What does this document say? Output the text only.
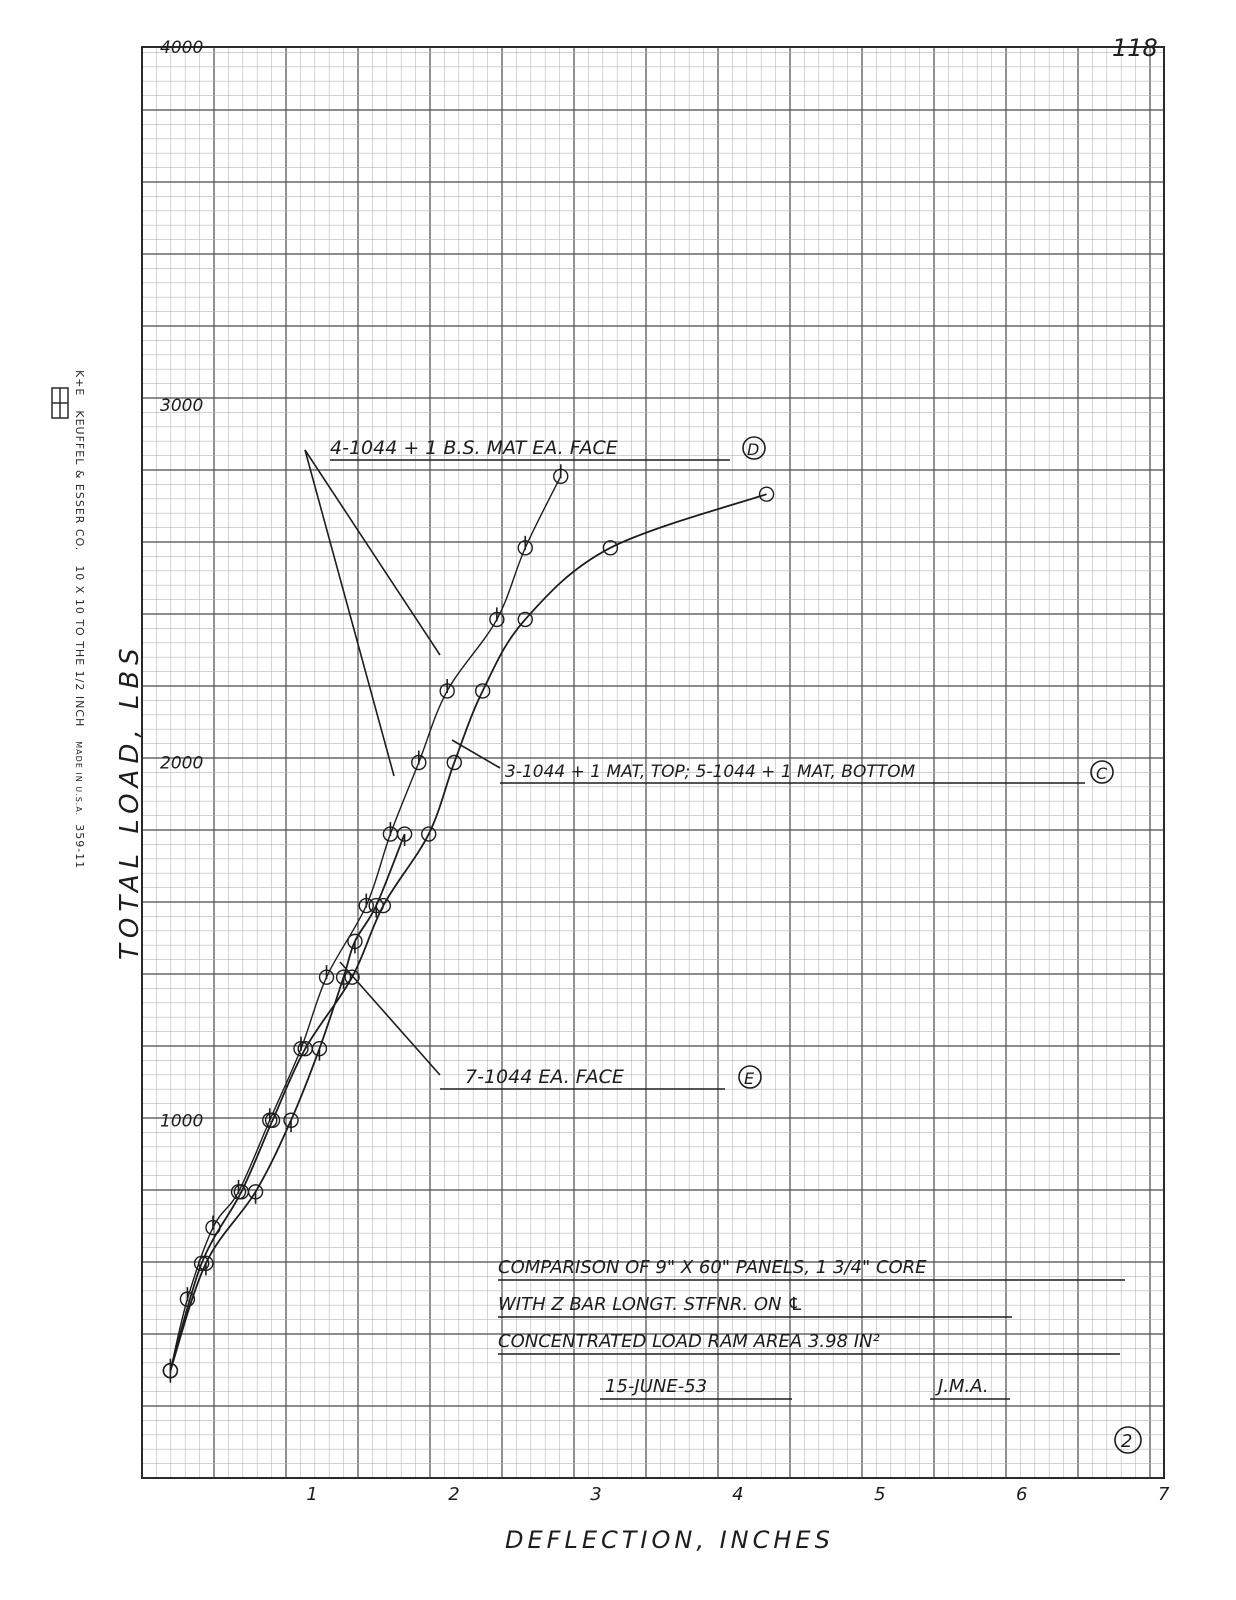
118
TOTAL LOAD, LBS
DEFLECTION, INCHES
1	2	3	4	5	6	7
1000
2000
3000
4000
4-1044 + 1 B.S. MAT EA. FACE	D
3-1044 + 1 MAT, TOP; 5-1044 + 1 MAT, BOTTOM	C
7-1044 EA. FACE	E
COMPARISON OF 9" X 60" PANELS, 1 3/4" CORE
WITH Z BAR LONGT. STFNR. ON ℄
CONCENTRATED LOAD RAM AREA 3.98 IN²
15-JUNE-53	J.M.A.
2
K+EKEUFFEL & ESSER CO.10 X 10 TO THE 1/2 INCHMADE IN U.S.A.359-11
